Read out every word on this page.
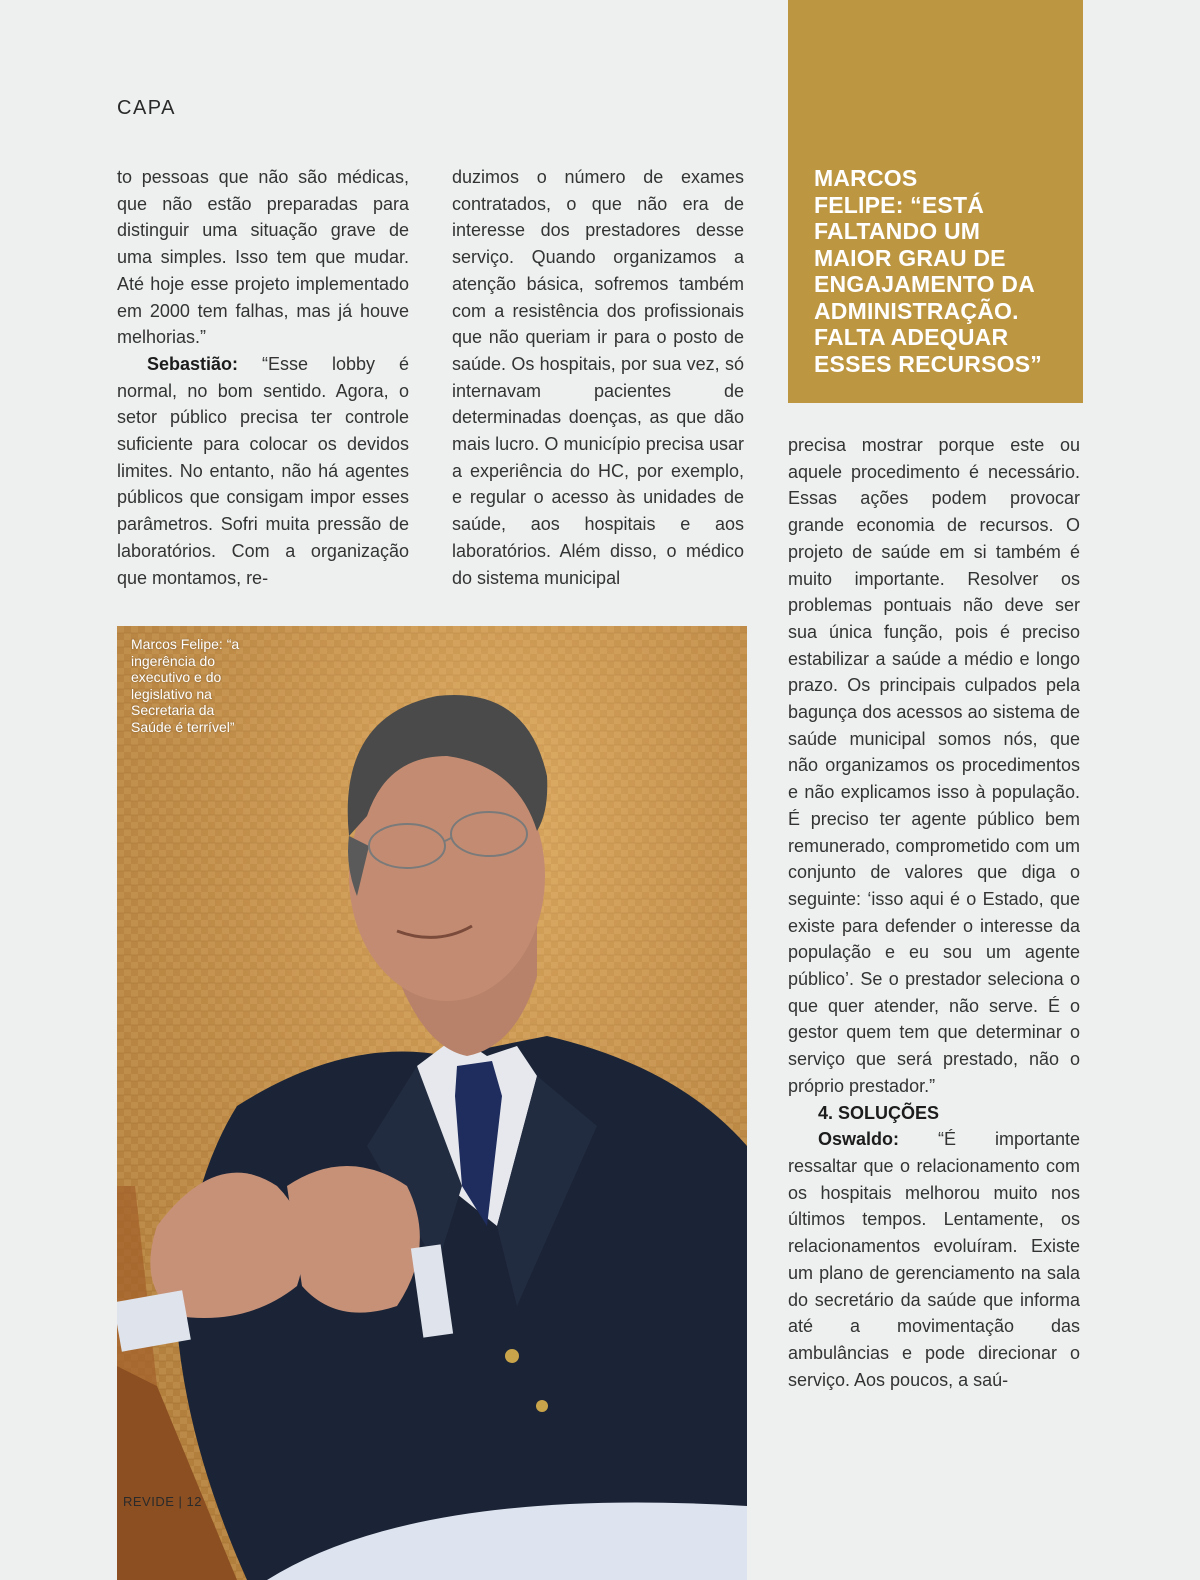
CAPA

to pessoas que não são médicas, que não estão preparadas para distinguir uma situação grave de uma simples. Isso tem que mudar. Até hoje esse projeto implementado em 2000 tem falhas, mas já houve melhorias.”

Sebastião: “Esse lobby é normal, no bom sentido. Agora, o setor público precisa ter controle suficiente para colocar os devidos limites. No entanto, não há agentes públicos que consigam impor esses parâmetros. Sofri muita pressão de laboratórios. Com a organização que montamos, re-

duzimos o número de exames contratados, o que não era de interesse dos prestadores desse serviço. Quando organizamos a atenção básica, sofremos também com a resistência dos profissionais que não queriam ir para o posto de saúde. Os hospitais, por sua vez, só internavam pacientes de determinadas doenças, as que dão mais lucro. O município precisa usar a experiência do HC, por exemplo, e regular o acesso às unidades de saúde, aos hospitais e aos laboratórios. Além disso, o médico do sistema municipal

MARCOS
FELIPE: “ESTÁ
FALTANDO UM
MAIOR GRAU DE
ENGAJAMENTO DA
ADMINISTRAÇÃO.
FALTA ADEQUAR
ESSES RECURSOS”

precisa mostrar porque este ou aquele procedimento é necessário. Essas ações podem provocar grande economia de recursos. O projeto de saúde em si também é muito importante. Resolver os problemas pontuais não deve ser sua única função, pois é preciso estabilizar a saúde a médio e longo prazo. Os principais culpados pela bagunça dos acessos ao sistema de saúde municipal somos nós, que não organizamos os procedimentos e não explicamos isso à população. É preciso ter agente público bem remunerado, comprometido com um conjunto de valores que diga o seguinte: ‘isso aqui é o Estado, que existe para defender o interesse da população e eu sou um agente público’. Se o prestador seleciona o que quer atender, não serve. É o gestor quem tem que determinar o serviço que será prestado, não o próprio prestador.”

4. SOLUÇÕES

Oswaldo: “É importante ressaltar que o relacionamento com os hospitais melhorou muito nos últimos tempos. Lentamente, os relacionamentos evoluíram. Existe um plano de gerenciamento na sala do secretário da saúde que informa até a movimentação das ambulâncias e pode direcionar o serviço. Aos poucos, a saú-

Marcos Felipe: “a ingerência do executivo e do legislativo na Secretaria da Saúde é terrível”
REVIDE | 12
